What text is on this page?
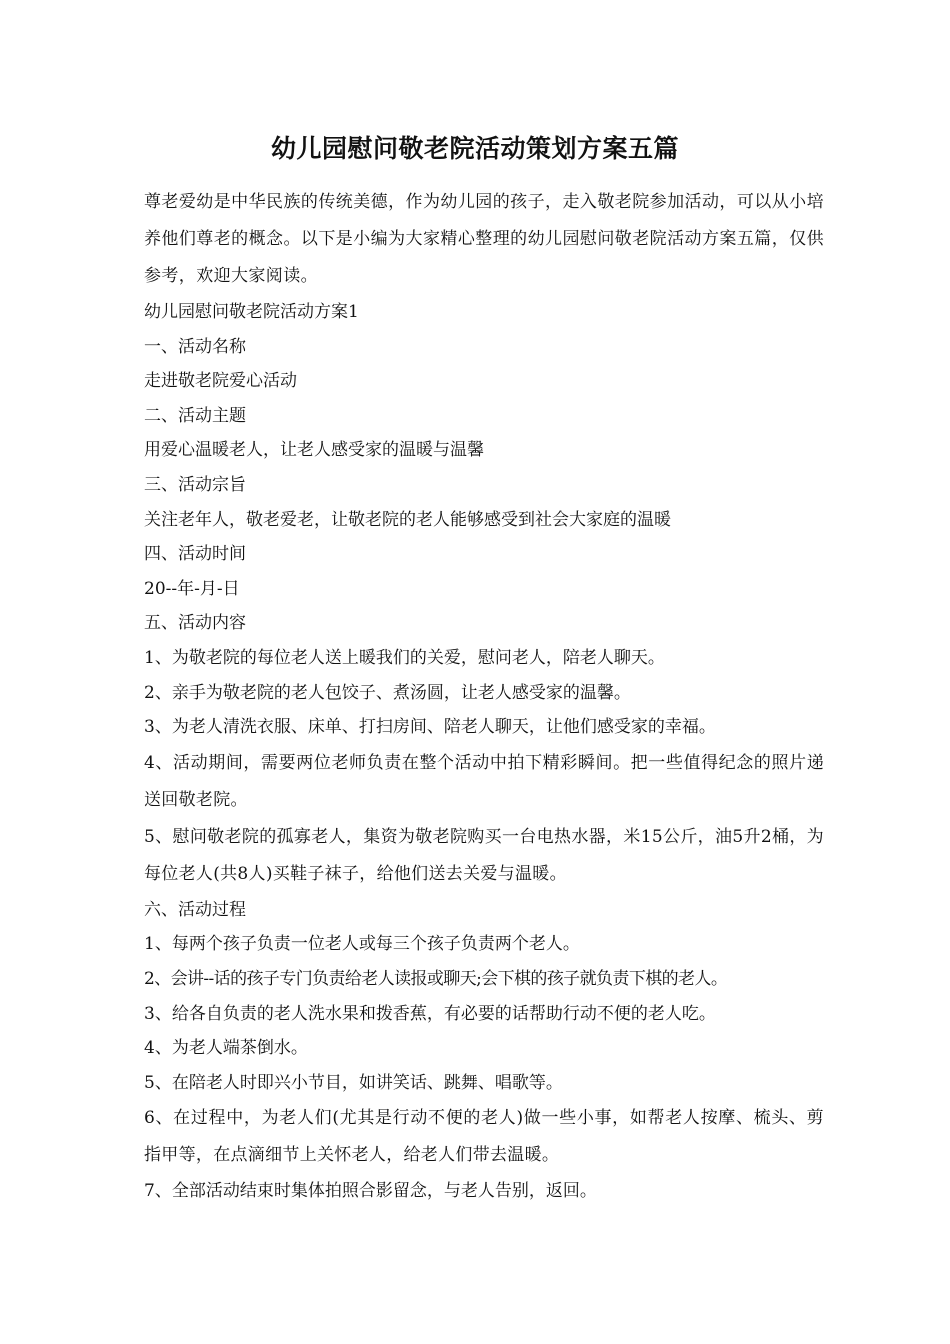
幼儿园慰问敬老院活动策划方案五篇

尊老爱幼是中华民族的传统美德，作为幼儿园的孩子，走入敬老院参加活动，可以从小培养他们尊老的概念。以下是小编为大家精心整理的幼儿园慰问敬老院活动方案五篇，仅供参考，欢迎大家阅读。

幼儿园慰问敬老院活动方案1

一、活动名称

走进敬老院爱心活动

二、活动主题

用爱心温暖老人，让老人感受家的温暖与温馨

三、活动宗旨

关注老年人，敬老爱老，让敬老院的老人能够感受到社会大家庭的温暖

四、活动时间

20--年-月-日

五、活动内容

1、为敬老院的每位老人送上暖我们的关爱，慰问老人，陪老人聊天。

2、亲手为敬老院的老人包饺子、煮汤圆，让老人感受家的温馨。

3、为老人清洗衣服、床单、打扫房间、陪老人聊天，让他们感受家的幸福。

4、活动期间，需要两位老师负责在整个活动中拍下精彩瞬间。把一些值得纪念的照片递送回敬老院。

5、慰问敬老院的孤寡老人，集资为敬老院购买一台电热水器，米15公斤，油5升2桶，为每位老人(共8人)买鞋子袜子，给他们送去关爱与温暖。

六、活动过程

1、每两个孩子负责一位老人或每三个孩子负责两个老人。

2、会讲--话的孩子专门负责给老人读报或聊天;会下棋的孩子就负责下棋的老人。

3、给各自负责的老人洗水果和拨香蕉，有必要的话帮助行动不便的老人吃。

4、为老人端茶倒水。

5、在陪老人时即兴小节目，如讲笑话、跳舞、唱歌等。

6、在过程中，为老人们(尤其是行动不便的老人)做一些小事，如帮老人按摩、梳头、剪指甲等，在点滴细节上关怀老人，给老人们带去温暖。

7、全部活动结束时集体拍照合影留念，与老人告别，返回。
